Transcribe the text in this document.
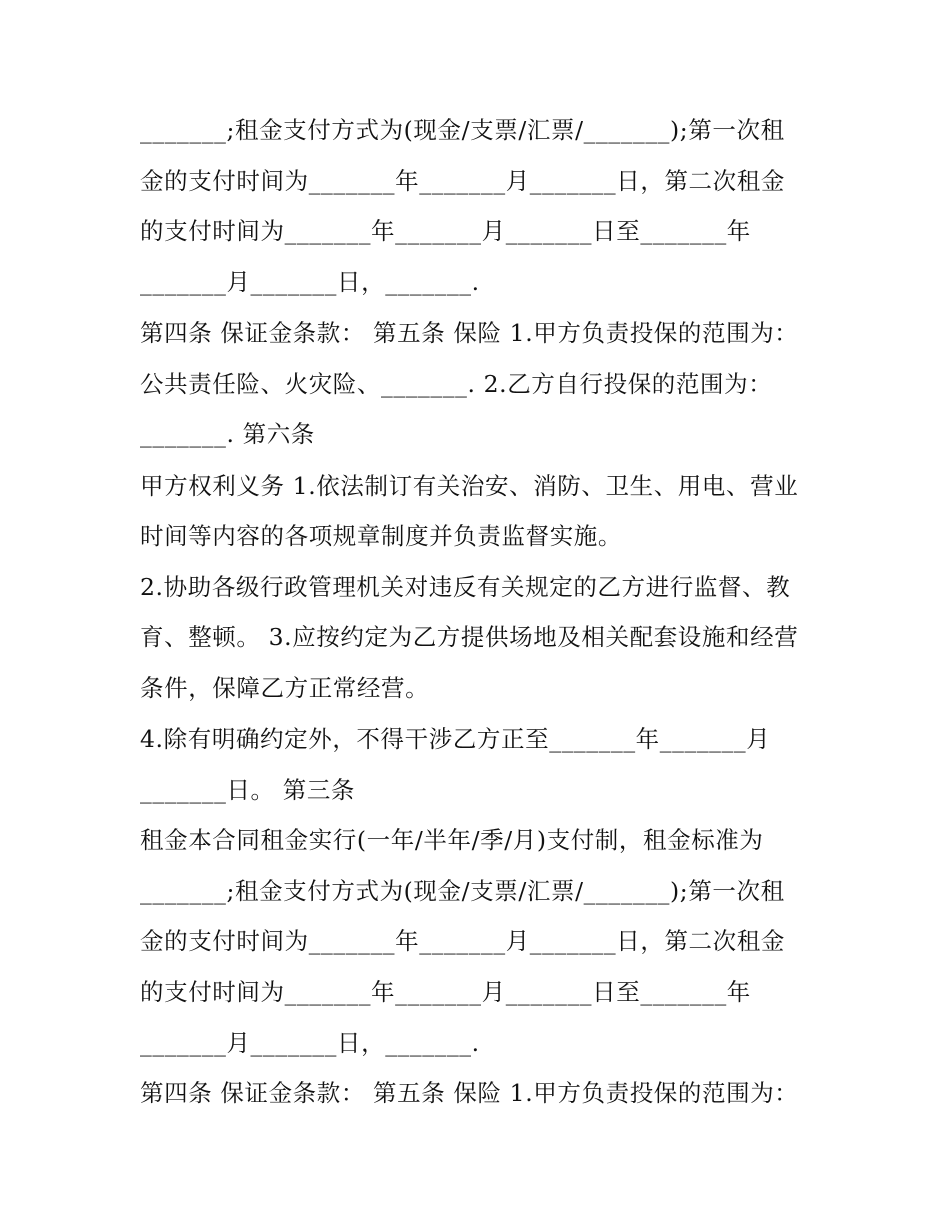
_______;租金支付方式为(现金/支票/汇票/_______);第一次租
金的支付时间为_______年_______月_______日，第二次租金
的支付时间为_______年_______月_______日至_______年
_______月_______日，_______.
第四条 保证金条款： 第五条 保险 1.甲方负责投保的范围为：
公共责任险、火灾险、_______. 2.乙方自行投保的范围为：
_______. 第六条
甲方权利义务 1.依法制订有关治安、消防、卫生、用电、营业
时间等内容的各项规章制度并负责监督实施。
2.协助各级行政管理机关对违反有关规定的乙方进行监督、教
育、整顿。 3.应按约定为乙方提供场地及相关配套设施和经营
条件，保障乙方正常经营。
4.除有明确约定外，不得干涉乙方正至_______年_______月
_______日。 第三条
租金本合同租金实行(一年/半年/季/月)支付制，租金标准为
_______;租金支付方式为(现金/支票/汇票/_______);第一次租
金的支付时间为_______年_______月_______日，第二次租金
的支付时间为_______年_______月_______日至_______年
_______月_______日，_______.
第四条 保证金条款： 第五条 保险 1.甲方负责投保的范围为：
